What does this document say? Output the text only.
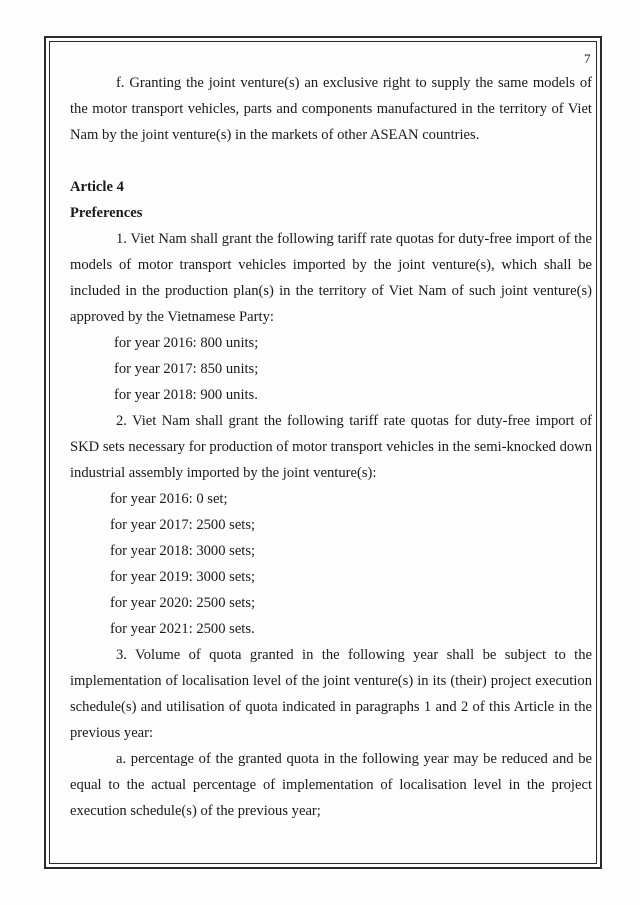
7

f. Granting the joint venture(s) an exclusive right to supply the same models of the motor transport vehicles, parts and components manufactured in the territory of Viet Nam by the joint venture(s) in the markets of other ASEAN countries.

Article 4

Preferences

1. Viet Nam shall grant the following tariff rate quotas for duty-free import of the models of motor transport vehicles imported by the joint venture(s), which shall be included in the production plan(s) in the territory of Viet Nam of such joint venture(s) approved by the Vietnamese Party:

for year 2016: 800 units;

for year 2017: 850 units;

for year 2018: 900 units.

2. Viet Nam shall grant the following tariff rate quotas for duty-free import of SKD sets necessary for production of motor transport vehicles in the semi-knocked down industrial assembly imported by the joint venture(s):

for year 2016: 0 set;

for year 2017: 2500 sets;

for year 2018: 3000 sets;

for year 2019: 3000 sets;

for year 2020: 2500 sets;

for year 2021: 2500 sets.

3. Volume of quota granted in the following year shall be subject to the implementation of localisation level of the joint venture(s) in its (their) project execution schedule(s) and utilisation of quota indicated in paragraphs 1 and 2 of this Article in the previous year:

a. percentage of the granted quota in the following year may be reduced and be equal to the actual percentage of implementation of localisation level in the project execution schedule(s) of the previous year;
